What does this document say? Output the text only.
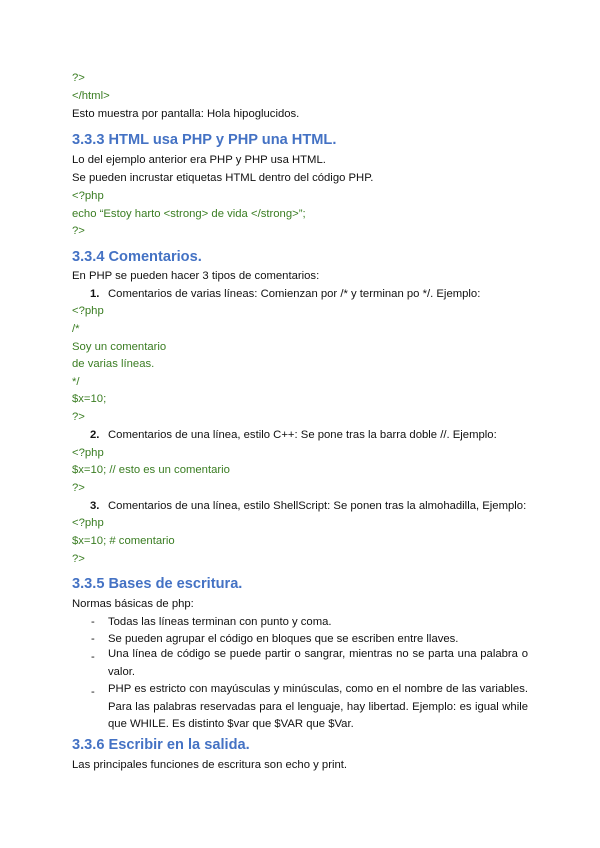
?>
</html>
Esto muestra por pantalla: Hola hipoglucidos.
3.3.3 HTML usa PHP y PHP una HTML.
Lo del ejemplo anterior era PHP y PHP usa HTML.
Se pueden incrustar etiquetas HTML dentro del código PHP.
<?php
echo “Estoy harto <strong> de vida </strong>”;
?>
3.3.4 Comentarios.
En PHP se pueden hacer 3 tipos de comentarios:
1. Comentarios de varias líneas: Comienzan por /* y terminan po */. Ejemplo:
<?php
/*
Soy un comentario
de varias líneas.
*/
$x=10;
?>
2. Comentarios de una línea, estilo C++: Se pone tras la barra doble //. Ejemplo:
<?php
$x=10; // esto es un comentario
?>
3. Comentarios de una línea, estilo ShellScript: Se ponen tras la almohadilla, Ejemplo:
<?php
$x=10; # comentario
?>
3.3.5 Bases de escritura.
Normas básicas de php:
- Todas las líneas terminan con punto y coma.
- Se pueden agrupar el código en bloques que se escriben entre llaves.
- Una línea de código se puede partir o sangrar, mientras no se parta una palabra o valor.
- PHP es estricto con mayúsculas y minúsculas, como en el nombre de las variables. Para las palabras reservadas para el lenguaje, hay libertad. Ejemplo: es igual while que WHILE. Es distinto $var que $VAR que $Var.
3.3.6 Escribir en la salida.
Las principales funciones de escritura son echo y print.
